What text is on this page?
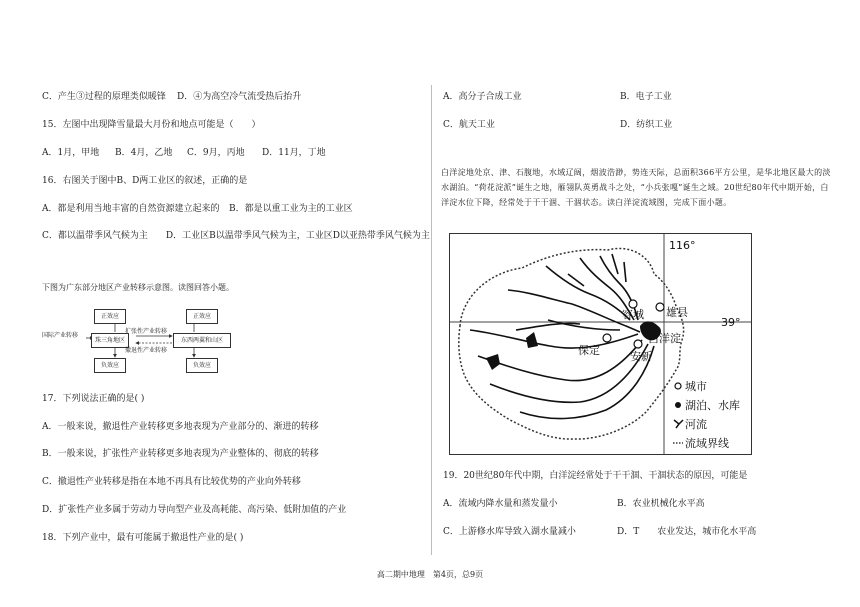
C．产生③过程的原理类似暖锋 D．④为高空冷气流受热后抬升
15．左图中出现降雪量最大月份和地点可能是（　　）
A．1月，甲地 B．4月，乙地 C．9月，丙地 D．11月，丁地
16．右图关于图中B、D两工业区的叙述，正确的是
A．都是利用当地丰富的自然资源建立起来的 B．都是以重工业为主的工业区
C．都以温带季风气候为主　　D．工业区B以温带季风气候为主，工业区D以亚热带季风气候为主
下图为广东部分地区产业转移示意图。读图回答小题。
国际产业转移
正效应
珠三角地区
负效应
扩张性产业转移
撤退性产业转移
正效应
东西两翼和山区
负效应
17．下列说法正确的是( )
A．一般来说，撤退性产业转移更多地表现为产业部分的、渐进的转移
B．一般来说，扩张性产业转移更多地表现为产业整体的、彻底的转移
C．撤退性产业转移是指在本地不再具有比较优势的产业向外转移
D．扩张性产业多属于劳动力导向型产业及高耗能、高污染、低附加值的产业
18．下列产业中，最有可能属于撤退性产业的是( )
A．高分子合成工业	B．电子工业
C．航天工业	D．纺织工业
白洋淀地处京、津、石腹地，水域辽阔，烟波浩渺，势连天际，总面积366平方公里，是华北地区最大的淡水湖泊。“荷花淀派”诞生之地，雁翎队英勇战斗之处，“小兵张嘎”诞生之域。20世纪80年代中期开始，白洋淀水位下降，经常处于干干涸、干涸状态。读白洋淀流域图，完成下面小题。
116°
39°
容城 雄县
保定
白洋淀
安新
城市
湖泊、水库
河流
流域界线
19．20世纪80年代中期，白洋淀经常处于干干涸、干涸状态的原因，可能是
A．流域内降水量和蒸发量小	B．农业机械化水平高
C．上游修水库导致入湖水量减小	D．T　　农业发达，城市化水平高
高二期中地理　第4页，总9页
